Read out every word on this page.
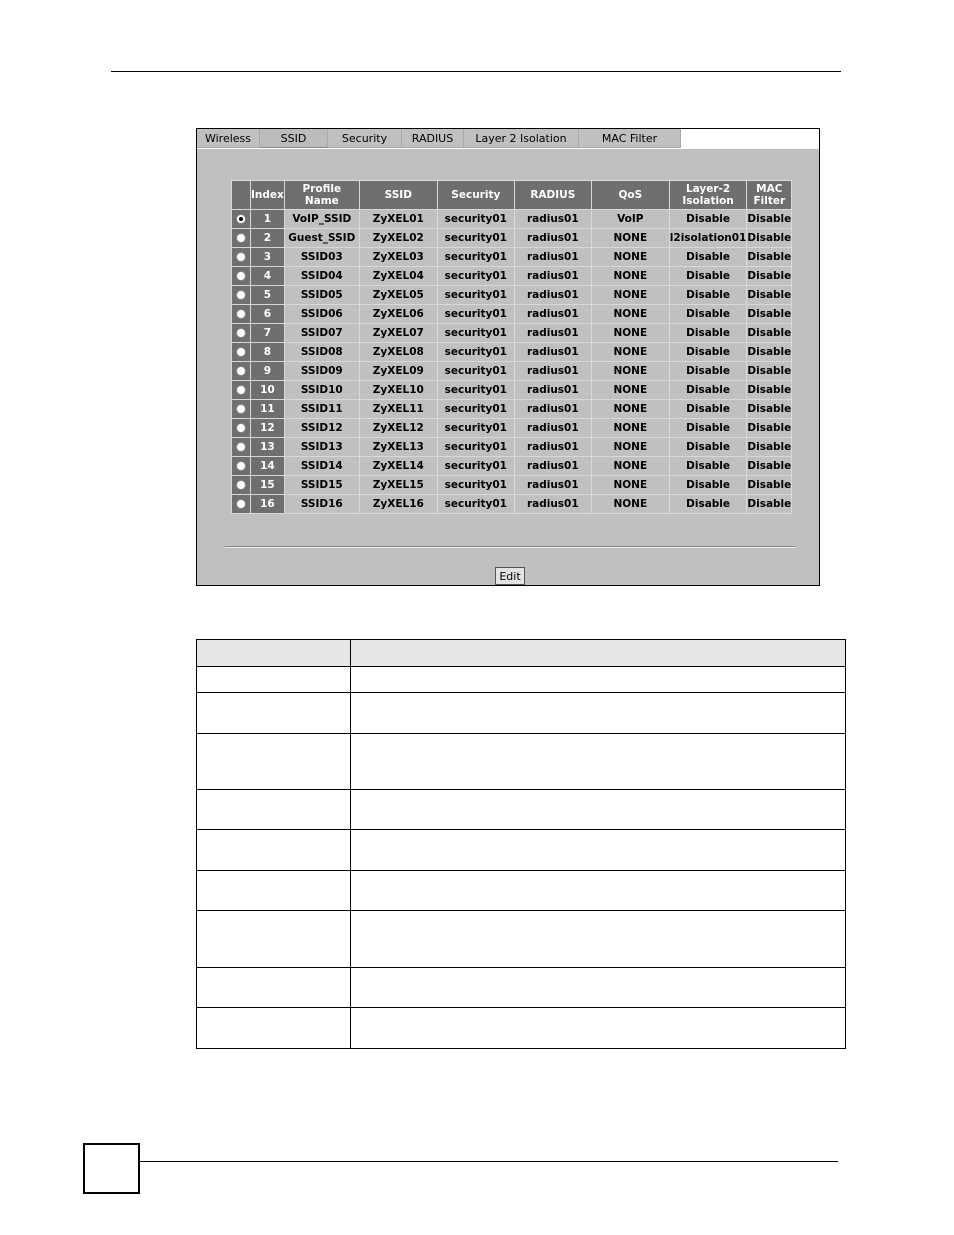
Wireless	SSID	Security	RADIUS	Layer 2 Isolation	MAC Filter
	Index	Profile Name	SSID	Security	RADIUS	QoS	Layer-2 Isolation	MAC Filter
	1	VoIP_SSID	ZyXEL01	security01	radius01	VoIP	Disable	Disable
	2	Guest_SSID	ZyXEL02	security01	radius01	NONE	l2isolation01	Disable
	3	SSID03	ZyXEL03	security01	radius01	NONE	Disable	Disable
	4	SSID04	ZyXEL04	security01	radius01	NONE	Disable	Disable
	5	SSID05	ZyXEL05	security01	radius01	NONE	Disable	Disable
	6	SSID06	ZyXEL06	security01	radius01	NONE	Disable	Disable
	7	SSID07	ZyXEL07	security01	radius01	NONE	Disable	Disable
	8	SSID08	ZyXEL08	security01	radius01	NONE	Disable	Disable
	9	SSID09	ZyXEL09	security01	radius01	NONE	Disable	Disable
	10	SSID10	ZyXEL10	security01	radius01	NONE	Disable	Disable
	11	SSID11	ZyXEL11	security01	radius01	NONE	Disable	Disable
	12	SSID12	ZyXEL12	security01	radius01	NONE	Disable	Disable
	13	SSID13	ZyXEL13	security01	radius01	NONE	Disable	Disable
	14	SSID14	ZyXEL14	security01	radius01	NONE	Disable	Disable
	15	SSID15	ZyXEL15	security01	radius01	NONE	Disable	Disable
	16	SSID16	ZyXEL16	security01	radius01	NONE	Disable	Disable
Edit
